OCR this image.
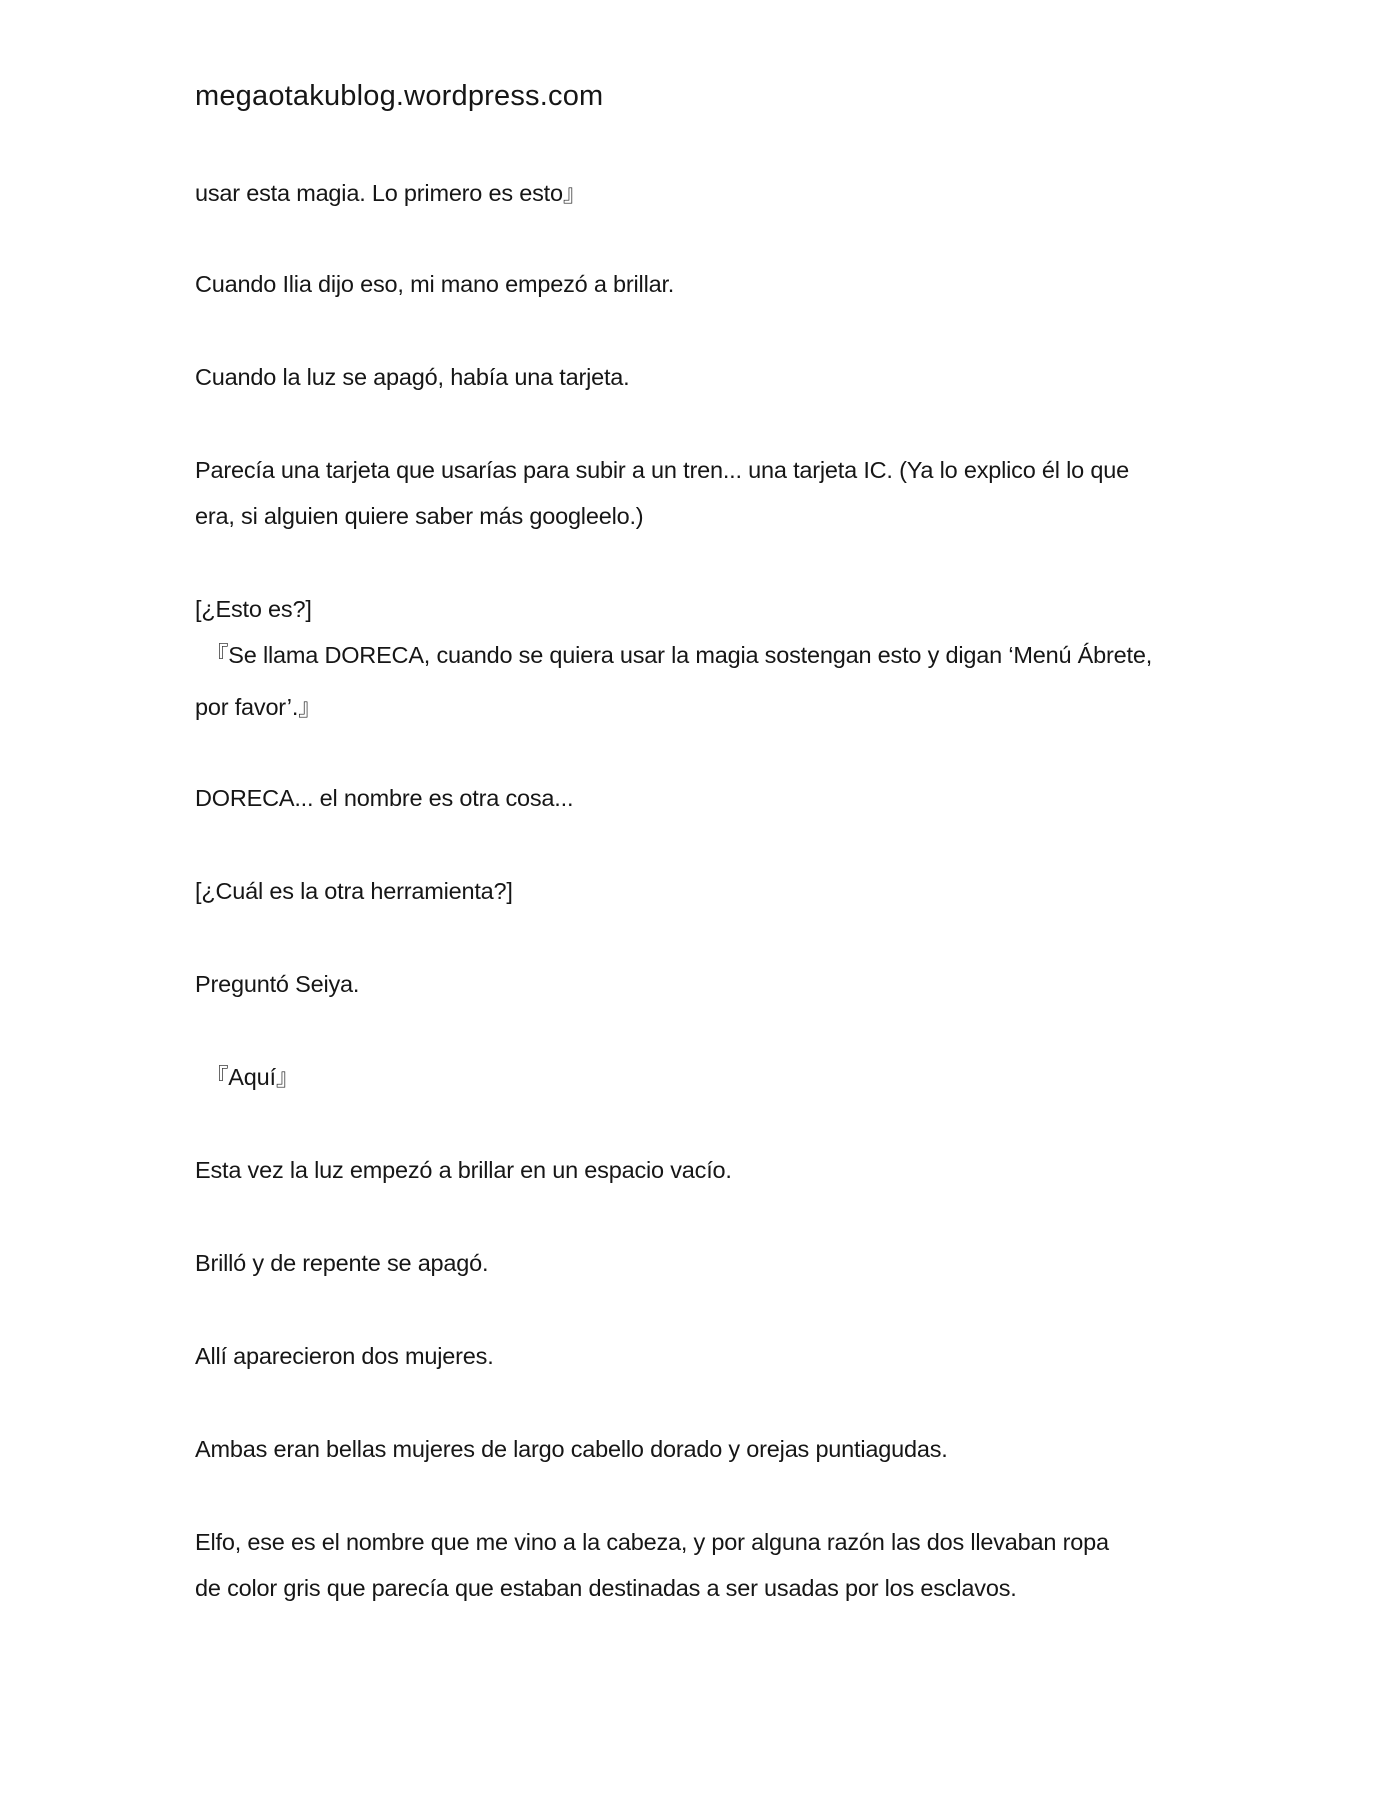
megaotakublog.wordpress.com
usar esta magia. Lo primero es esto』
Cuando Ilia dijo eso, mi mano empezó a brillar.
Cuando la luz se apagó, había una tarjeta.
Parecía una tarjeta que usarías para subir a un tren... una tarjeta IC. (Ya lo explico él lo que
era, si alguien quiere saber más googleelo.)
[¿Esto es?]
『Se llama DORECA, cuando se quiera usar la magia sostengan esto y digan ‘Menú Ábrete,
por favor’.』
DORECA... el nombre es otra cosa...
[¿Cuál es la otra herramienta?]
Preguntó Seiya.
『Aquí』
Esta vez la luz empezó a brillar en un espacio vacío.
Brilló y de repente se apagó.
Allí aparecieron dos mujeres.
Ambas eran bellas mujeres de largo cabello dorado y orejas puntiagudas.
Elfo, ese es el nombre que me vino a la cabeza, y por alguna razón las dos llevaban ropa
de color gris que parecía que estaban destinadas a ser usadas por los esclavos.
